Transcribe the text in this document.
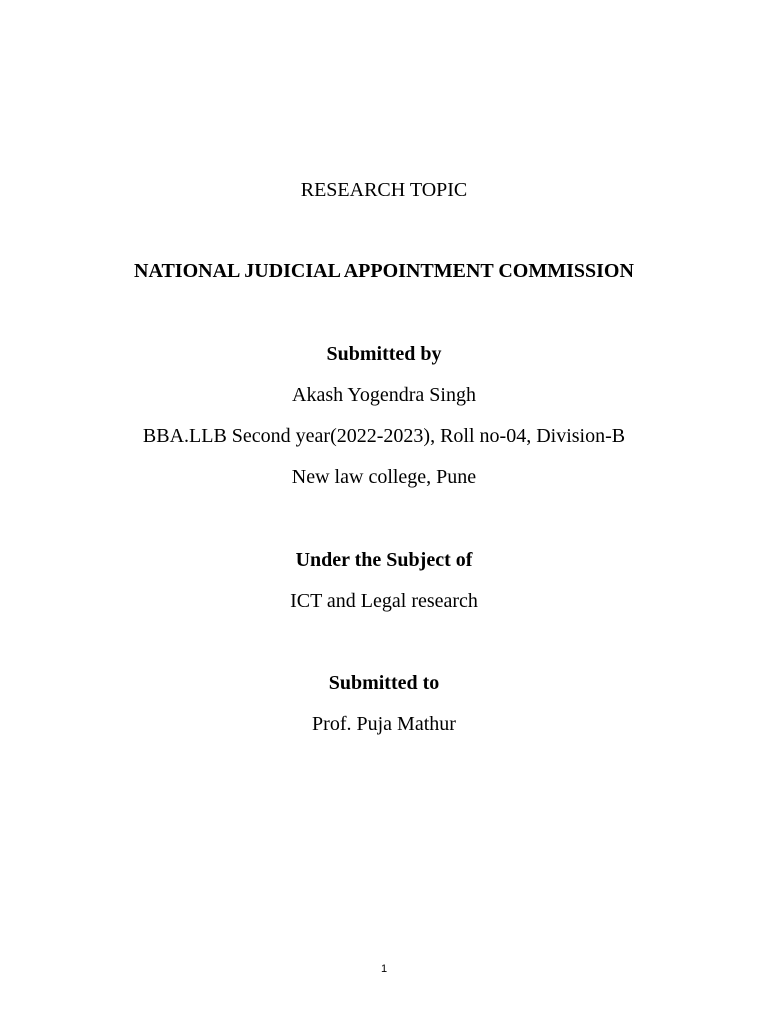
RESEARCH TOPIC
NATIONAL JUDICIAL APPOINTMENT COMMISSION
Submitted by
Akash Yogendra Singh
BBA.LLB Second year(2022-2023), Roll no-04, Division-B
New law college, Pune
Under the Subject of
ICT and Legal research
Submitted to
Prof. Puja Mathur
1
